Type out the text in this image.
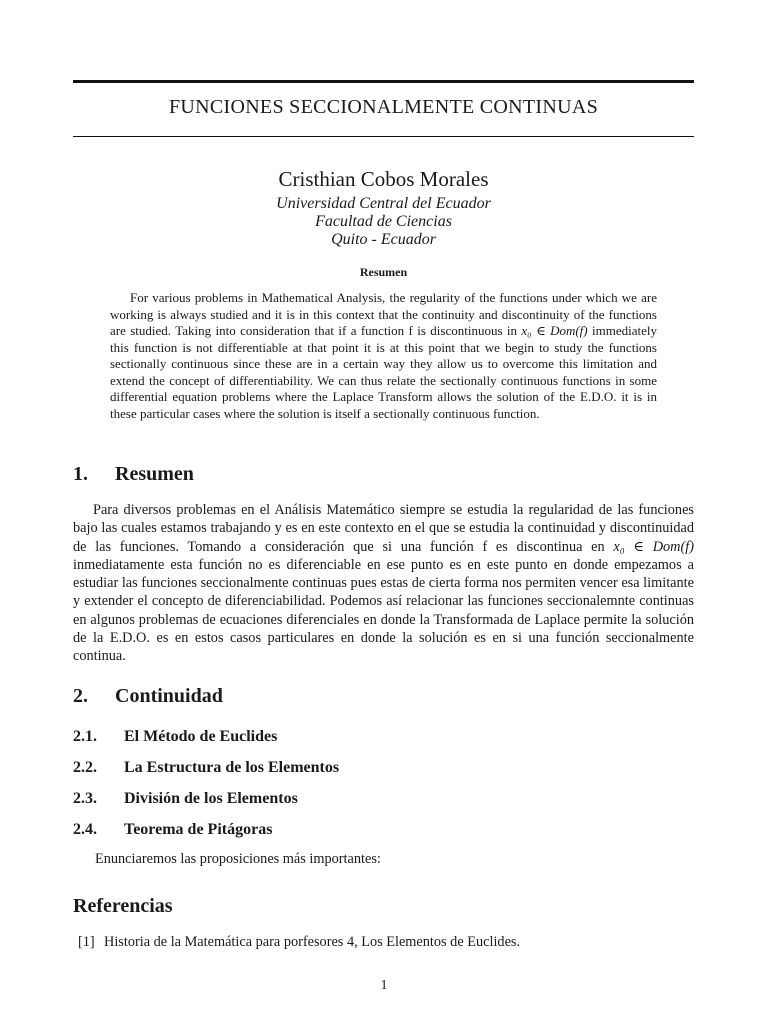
FUNCIONES SECCIONALMENTE CONTINUAS
Cristhian Cobos Morales
Universidad Central del Ecuador
Facultad de Ciencias
Quito - Ecuador
Resumen
For various problems in Mathematical Analysis, the regularity of the functions under which we are working is always studied and it is in this context that the continuity and discontinuity of the functions are studied. Taking into consideration that if a function f is discontinuous in x₀ ∈ Dom(f) immediately this function is not differentiable at that point it is at this point that we begin to study the functions sectionally continuous since these are in a certain way they allow us to overcome this limitation and extend the concept of differentiability. We can thus relate the sectionally continuous functions in some differential equation problems where the Laplace Transform allows the solution of the E.D.O. it is in these particular cases where the solution is itself a sectionally continuous function.
1. Resumen
Para diversos problemas en el Análisis Matemático siempre se estudia la regularidad de las funciones bajo las cuales estamos trabajando y es en este contexto en el que se estudia la continuidad y discontinuidad de las funciones. Tomando a consideración que si una función f es discontinua en x₀ ∈ Dom(f) inmediatamente esta función no es diferenciable en ese punto es en este punto en donde empezamos a estudiar las funciones seccionalmente continuas pues estas de cierta forma nos permiten vencer esa limitante y extender el concepto de diferenciabilidad. Podemos así relacionar las funciones seccionalemnte continuas en algunos problemas de ecuaciones diferenciales en donde la Transformada de Laplace permite la solución de la E.D.O. es en estos casos particulares en donde la solución es en si una función seccionalmente continua.
2. Continuidad
2.1. El Método de Euclides
2.2. La Estructura de los Elementos
2.3. División de los Elementos
2.4. Teorema de Pitágoras
Enunciaremos las proposiciones más importantes:
Referencias
[1] Historia de la Matemática para porfesores 4, Los Elementos de Euclides.
1
